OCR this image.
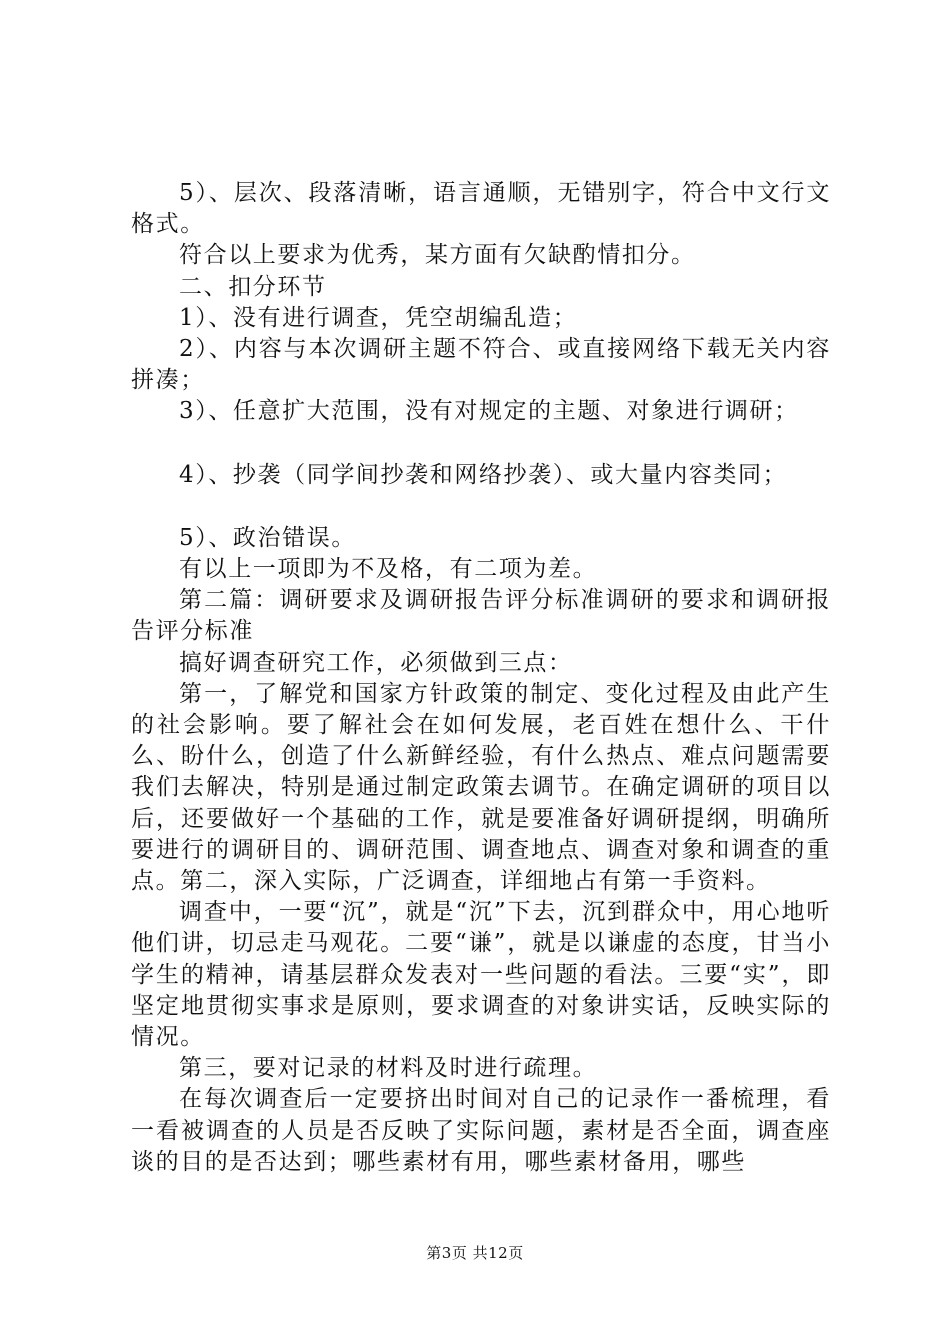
5）、层次、段落清晰，语言通顺，无错别字，符合中文行文格式。

符合以上要求为优秀，某方面有欠缺酌情扣分。

二、扣分环节

1）、没有进行调查，凭空胡编乱造；

2）、内容与本次调研主题不符合、或直接网络下载无关内容拼凑；

3）、任意扩大范围，没有对规定的主题、对象进行调研；

4）、抄袭（同学间抄袭和网络抄袭）、或大量内容类同；

5）、政治错误。

有以上一项即为不及格，有二项为差。

第二篇：调研要求及调研报告评分标准调研的要求和调研报告评分标准

搞好调查研究工作，必须做到三点：

第一，了解党和国家方针政策的制定、变化过程及由此产生的社会影响。要了解社会在如何发展，老百姓在想什么、干什么、盼什么，创造了什么新鲜经验，有什么热点、难点问题需要我们去解决，特别是通过制定政策去调节。在确定调研的项目以后，还要做好一个基础的工作，就是要准备好调研提纲，明确所要进行的调研目的、调研范围、调查地点、调查对象和调查的重点。第二，深入实际，广泛调查，详细地占有第一手资料。

调查中，一要“沉”，就是“沉”下去，沉到群众中，用心地听他们讲，切忌走马观花。二要“谦”，就是以谦虚的态度，甘当小学生的精神，请基层群众发表对一些问题的看法。三要“实”，即坚定地贯彻实事求是原则，要求调查的对象讲实话，反映实际的情况。

第三，要对记录的材料及时进行疏理。

在每次调查后一定要挤出时间对自己的记录作一番梳理，看一看被调查的人员是否反映了实际问题，素材是否全面，调查座谈的目的是否达到；哪些素材有用，哪些素材备用，哪些

第3页 共12页
